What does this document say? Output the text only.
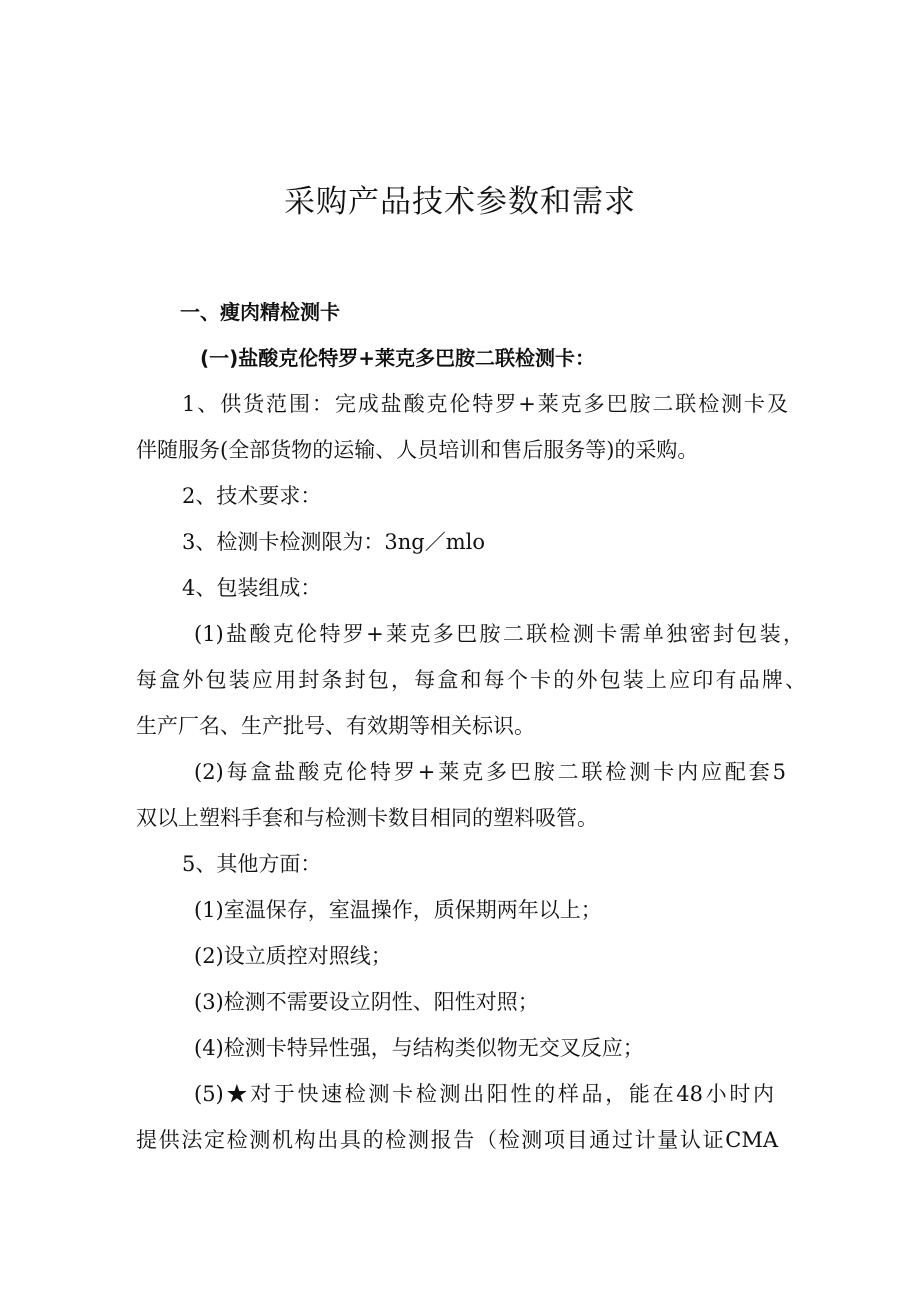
采购产品技术参数和需求
一、瘦肉精检测卡
(一)盐酸克伦特罗+莱克多巴胺二联检测卡：
1、供货范围：完成盐酸克伦特罗+莱克多巴胺二联检测卡及
伴随服务(全部货物的运输、人员培训和售后服务等)的采购。
2、技术要求：
3、检测卡检测限为：3ng／mlo
4、包装组成：
(1)盐酸克伦特罗+莱克多巴胺二联检测卡需单独密封包装，
每盒外包装应用封条封包，每盒和每个卡的外包装上应印有品牌、
生产厂名、生产批号、有效期等相关标识。
(2)每盒盐酸克伦特罗+莱克多巴胺二联检测卡内应配套5
双以上塑料手套和与检测卡数目相同的塑料吸管。
5、其他方面：
(1)室温保存，室温操作，质保期两年以上；
(2)设立质控对照线；
(3)检测不需要设立阴性、阳性对照；
(4)检测卡特异性强，与结构类似物无交叉反应；
(5)★对于快速检测卡检测出阳性的样品，能在48小时内
提供法定检测机构出具的检测报告（检测项目通过计量认证CMA
